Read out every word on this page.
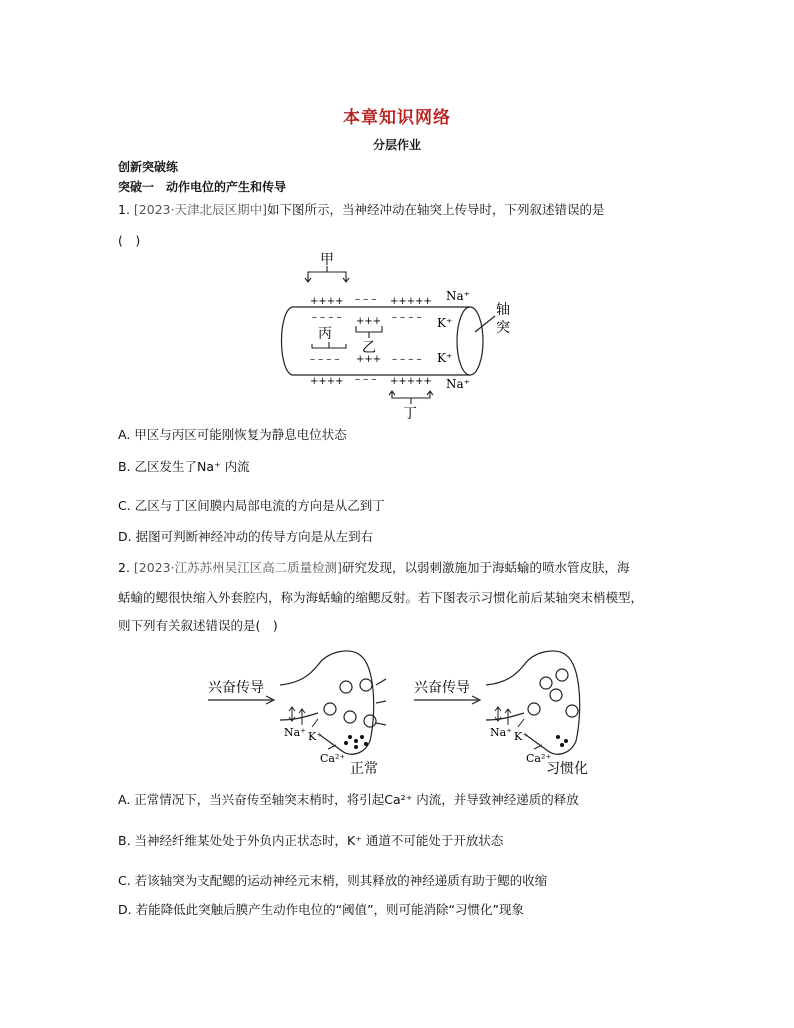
本章知识网络
分层作业
创新突破练
突破一　动作电位的产生和传导
1. [2023·天津北辰区期中]如下图所示，当神经冲动在轴突上传导时，下列叙述错误的是
(　)
甲
++++ – – – +++++ Na⁺
– – – – +++ – – – – K⁺
乙
丙
– – – – +++ – – – – K⁺
++++ – – – +++++ Na⁺
丁
轴
突
A. 甲区与丙区可能刚恢复为静息电位状态
B. 乙区发生了Na⁺ 内流
C. 乙区与丁区间膜内局部电流的方向是从乙到丁
D. 据图可判断神经冲动的传导方向是从左到右
2. [2023·江苏苏州吴江区高二质量检测]研究发现，以弱刺激施加于海蛞蝓的喷水管皮肤，海
蛞蝓的鳃很快缩入外套腔内，称为海蛞蝓的缩鳃反射。若下图表示习惯化前后某轴突末梢模型，
则下列有关叙述错误的是(　)
兴奋传导
Na⁺ K⁺
Ca²⁺
正常
兴奋传导
Na⁺ K⁺
Ca²⁺
习惯化
A. 正常情况下，当兴奋传至轴突末梢时，将引起Ca²⁺ 内流，并导致神经递质的释放
B. 当神经纤维某处处于外负内正状态时，K⁺ 通道不可能处于开放状态
C. 若该轴突为支配鳃的运动神经元末梢，则其释放的神经递质有助于鳃的收缩
D. 若能降低此突触后膜产生动作电位的“阈值”，则可能消除“习惯化”现象
